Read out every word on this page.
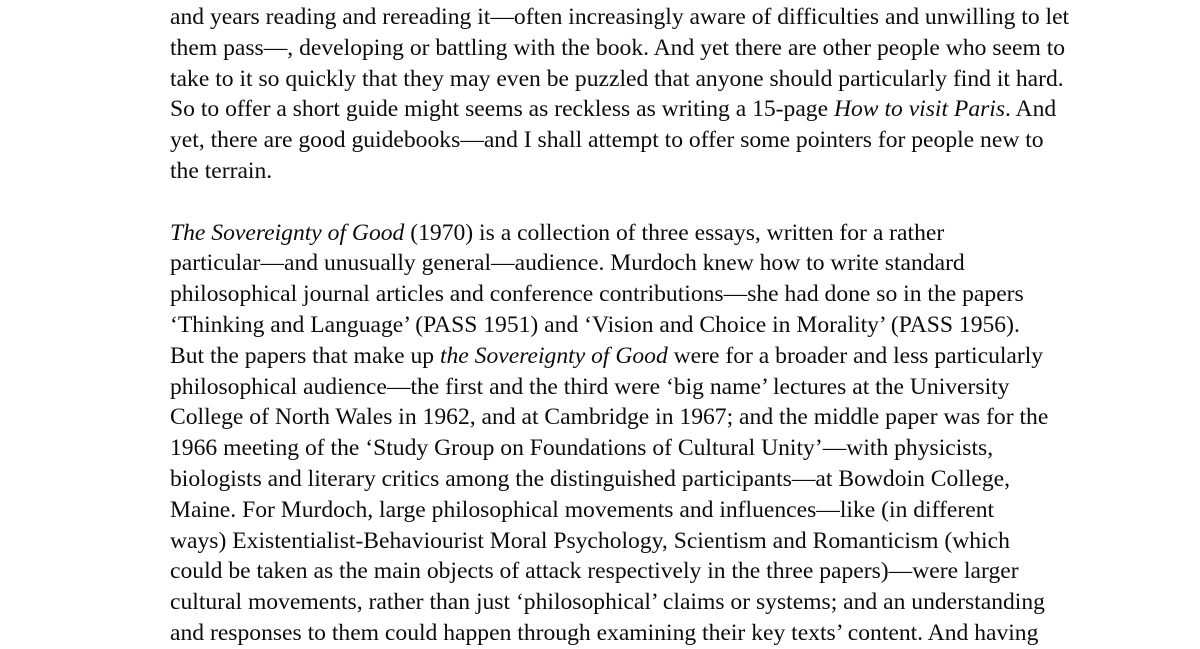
and years reading and rereading it—often increasingly aware of difficulties and unwilling to let
them pass—, developing or battling with the book. And yet there are other people who seem to
take to it so quickly that they may even be puzzled that anyone should particularly find it hard.
So to offer a short guide might seems as reckless as writing a 15-page How to visit Paris. And
yet, there are good guidebooks—and I shall attempt to offer some pointers for people new to
the terrain.
The Sovereignty of Good (1970) is a collection of three essays, written for a rather
particular—and unusually general—audience. Murdoch knew how to write standard
philosophical journal articles and conference contributions—she had done so in the papers
‘Thinking and Language’ (PASS 1951) and ‘Vision and Choice in Morality’ (PASS 1956).
But the papers that make up the Sovereignty of Good were for a broader and less particularly
philosophical audience—the first and the third were ‘big name’ lectures at the University
College of North Wales in 1962, and at Cambridge in 1967; and the middle paper was for the
1966 meeting of the ‘Study Group on Foundations of Cultural Unity’—with physicists,
biologists and literary critics among the distinguished participants—at Bowdoin College,
Maine. For Murdoch, large philosophical movements and influences—like (in different
ways) Existentialist-Behaviourist Moral Psychology, Scientism and Romanticism (which
could be taken as the main objects of attack respectively in the three papers)—were larger
cultural movements, rather than just ‘philosophical’ claims or systems; and an understanding
and responses to them could happen through examining their key texts’ content. And having
